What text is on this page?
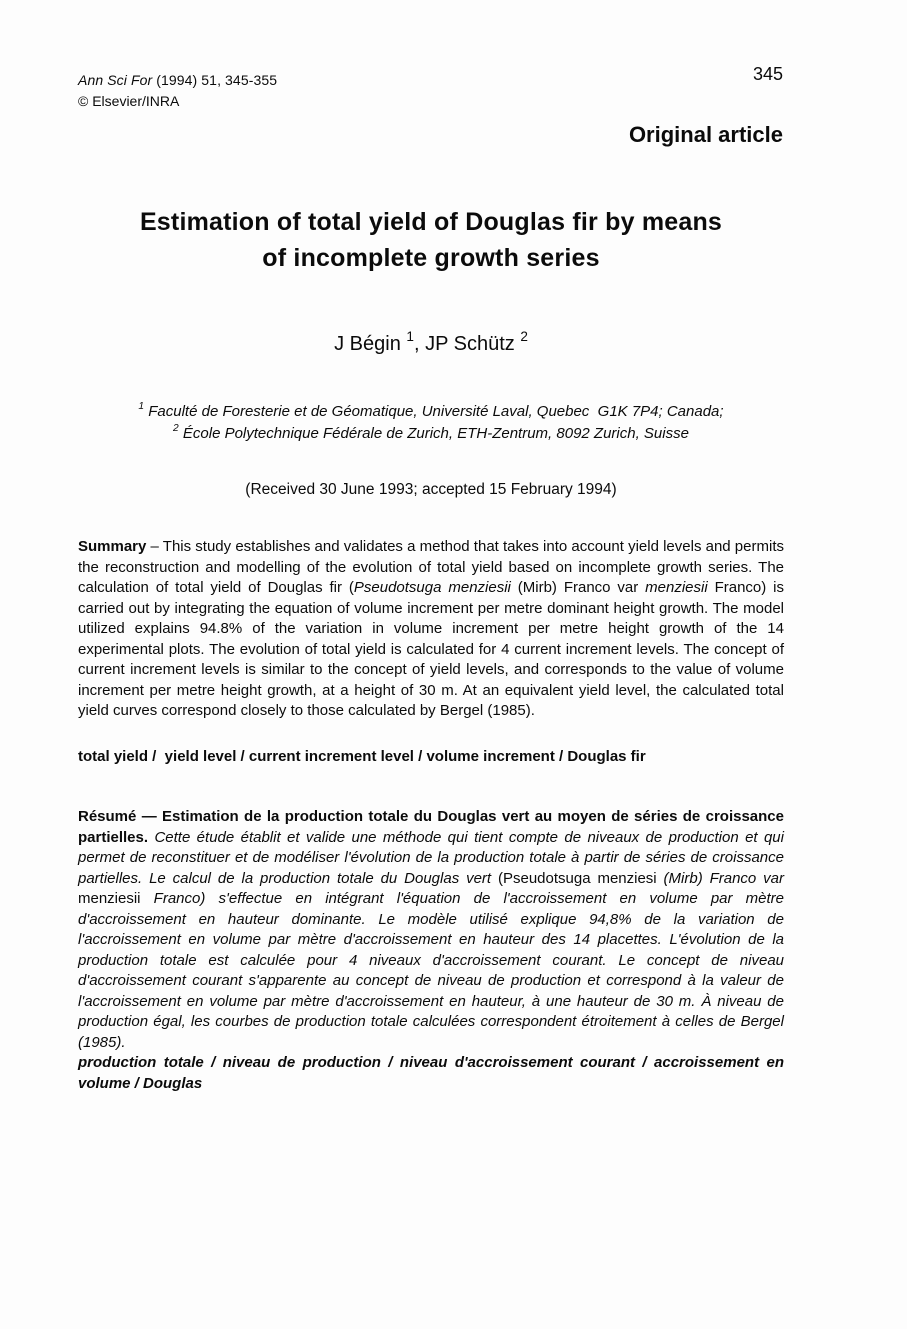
Ann Sci For (1994) 51, 345-355
© Elsevier/INRA
345
Original article
Estimation of total yield of Douglas fir by means
of incomplete growth series
J Bégin $^1$, JP Schütz $^2$
$^1$ Faculté de Foresterie et de Géomatique, Université Laval, Quebec  G1K 7P4; Canada;
$^2$ École Polytechnique Fédérale de Zurich, ETH-Zentrum, 8092 Zurich, Suisse
(Received 30 June 1993; accepted 15 February 1994)
Summary – This study establishes and validates a method that takes into account yield levels and permits the reconstruction and modelling of the evolution of total yield based on incomplete growth series. The calculation of total yield of Douglas fir (Pseudotsuga menziesii (Mirb) Franco var menziesii Franco) is carried out by integrating the equation of volume increment per metre dominant height growth. The model utilized explains 94.8% of the variation in volume increment per metre height growth of the 14 experimental plots. The evolution of total yield is calculated for 4 current increment levels. The concept of current increment levels is similar to the concept of yield levels, and corresponds to the value of volume increment per metre height growth, at a height of 30 m. At an equivalent yield level, the calculated total yield curves correspond closely to those calculated by Bergel (1985).
total yield /  yield level / current increment level / volume increment / Douglas fir
Résumé — Estimation de la production totale du Douglas vert au moyen de séries de croissance partielles. Cette étude établit et valide une méthode qui tient compte de niveaux de production et qui permet de reconstituer et de modéliser l'évolution de la production totale à partir de séries de croissance partielles. Le calcul de la production totale du Douglas vert (Pseudotsuga menziesi (Mirb) Franco var menziesii Franco) s'effectue en intégrant l'équation de l'accroissement en volume par mètre d'accroissement en hauteur dominante. Le modèle utilisé explique 94,8% de la variation de l'accroissement en volume par mètre d'accroissement en hauteur des 14 placettes. L'évolution de la production totale est calculée pour 4 niveaux d'accroissement courant. Le concept de niveau d'accroissement courant s'apparente au concept de niveau de production et correspond à la valeur de l'accroissement en volume par mètre d'accroissement en hauteur, à une hauteur de 30 m. À niveau de production égal, les courbes de production totale calculées correspondent étroitement à celles de Bergel (1985).
production totale / niveau de production / niveau d'accroissement courant / accroissement en volume / Douglas
